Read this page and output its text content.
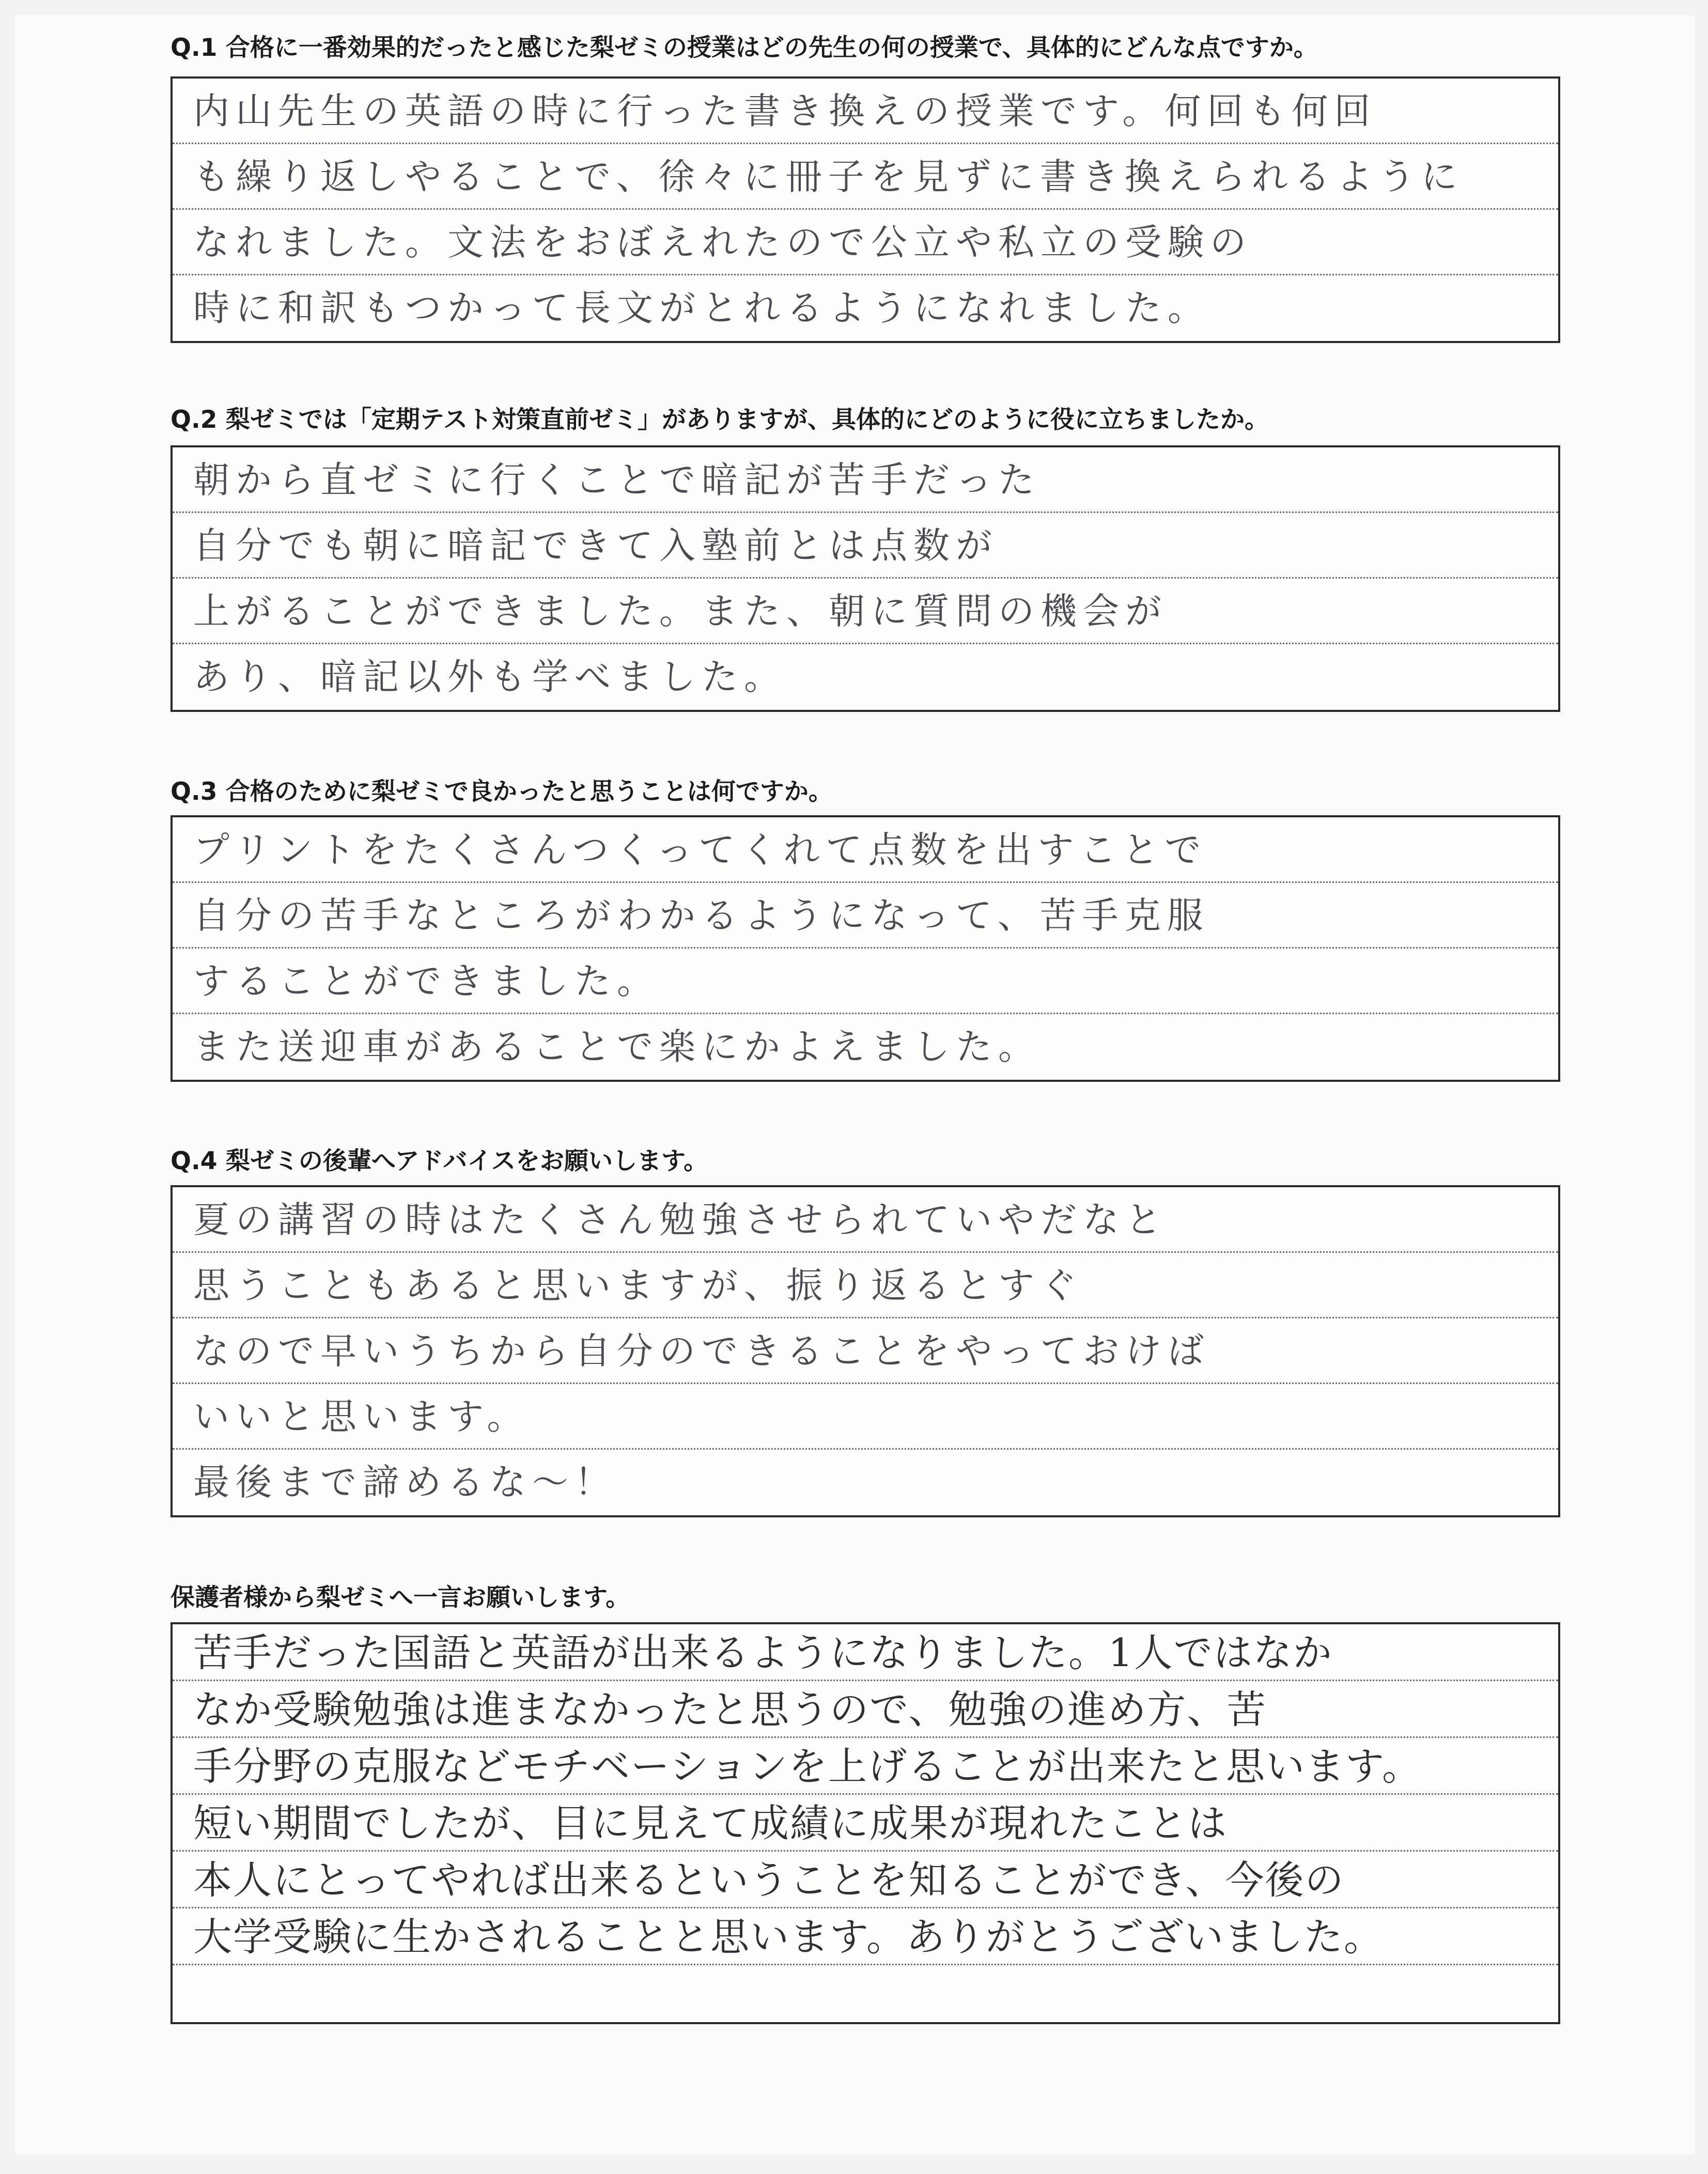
Q.1 合格に一番効果的だったと感じた梨ゼミの授業はどの先生の何の授業で、具体的にどんな点ですか。
内山先生の英語の時に行った書き換えの授業です。何回も何回
も繰り返しやることで、徐々に冊子を見ずに書き換えられるように
なれました。文法をおぼえれたので公立や私立の受験の
時に和訳もつかって長文がとれるようになれました。
Q.2 梨ゼミでは「定期テスト対策直前ゼミ」がありますが、具体的にどのように役に立ちましたか。
朝から直ゼミに行くことで暗記が苦手だった
自分でも朝に暗記できて入塾前とは点数が
上がることができました。また、朝に質問の機会が
あり、暗記以外も学べました。
Q.3 合格のために梨ゼミで良かったと思うことは何ですか。
プリントをたくさんつくってくれて点数を出すことで
自分の苦手なところがわかるようになって、苦手克服
することができました。
また送迎車があることで楽にかよえました。
Q.4 梨ゼミの後輩へアドバイスをお願いします。
夏の講習の時はたくさん勉強させられていやだなと
思うこともあると思いますが、振り返るとすぐ
なので早いうちから自分のできることをやっておけば
いいと思います。
最後まで諦めるな〜！
保護者様から梨ゼミへ一言お願いします。
苦手だった国語と英語が出来るようになりました。1人ではなか
なか受験勉強は進まなかったと思うので、勉強の進め方、苦
手分野の克服などモチベーションを上げることが出来たと思います。
短い期間でしたが、目に見えて成績に成果が現れたことは
本人にとってやれば出来るということを知ることができ、今後の
大学受験に生かされることと思います。ありがとうございました。
